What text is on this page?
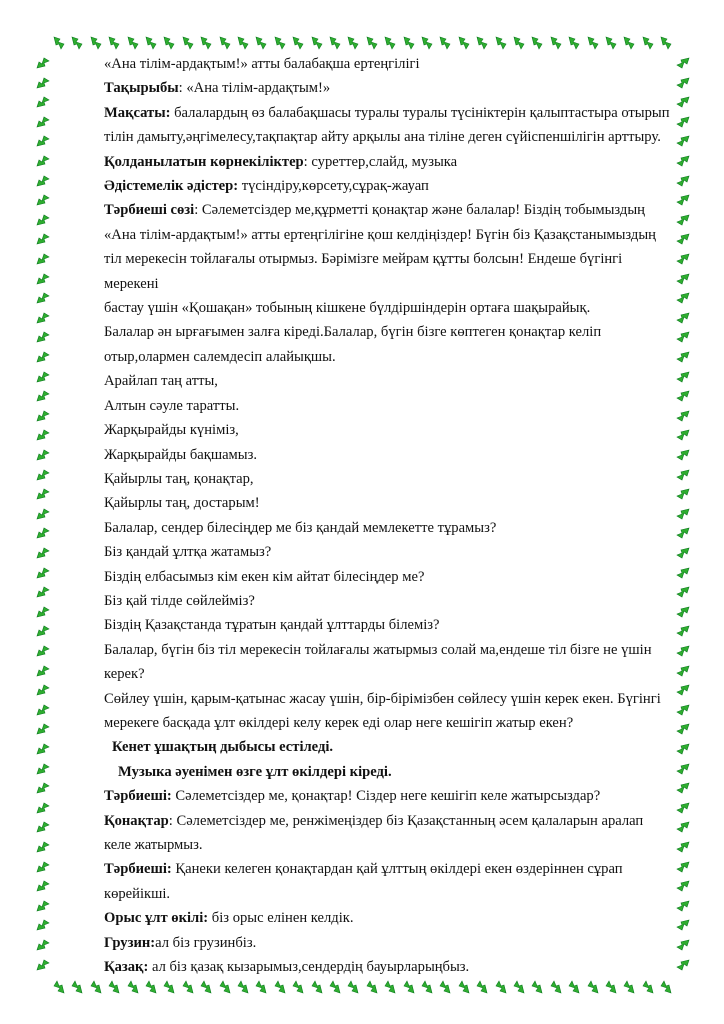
«Ана тілім-ардақтым!» атты балабақша ертеңгілігі
Тақырыбы: «Ана тілім-ардақтым!»
Мақсаты: балалардың өз балабақшасы туралы туралы түсініктерін қалыптастыра отырып
тілін дамыту,әңгімелесу,тақпақтар айту арқылы ана тіліне деген сүйіспеншілігін арттыру.
Қолданылатын көрнекіліктер: суреттер,слайд, музыка
Әдістемелік әдістер: түсіндіру,көрсету,сұрақ-жауап
Тәрбиеші сөзі: Сәлеметсіздер ме,құрметті қонақтар және балалар! Біздің тобымыздың
«Ана тілім-ардақтым!» атты ертеңгілігіне қош келдіңіздер! Бүгін біз Қазақстанымыздың
тіл мерекесін тойлағалы отырмыз. Бәрімізге мейрам құтты болсын! Ендеше бүгінгі
мерекені
бастау үшін «Қошақан» тобының кішкене бүлдіршіндерін ортаға шақырайық.
Балалар ән ырғағымен залға кіреді.Балалар, бүгін бізге көптеген қонақтар келіп
отыр,олармен салемдесіп алайықшы.
Арайлап таң атты,
Алтын сәуле таратты.
Жарқырайды күніміз,
Жарқырайды бақшамыз.
Қайырлы таң, қонақтар,
Қайырлы таң, достарым!
Балалар, сендер білесіңдер ме біз қандай мемлекетте тұрамыз?
Біз қандай ұлтқа жатамыз?
Біздің елбасымыз кім екен кім айтат білесіңдер ме?
Біз қай тілде сөйлейміз?
Біздің Қазақстанда тұратын қандай ұлттарды білеміз?
Балалар, бүгін біз тіл мерекесін тойлағалы жатырмыз солай ма,ендеше тіл бізге не үшін
керек?
Сөйлеу үшін, қарым-қатынас жасау үшін, бір-бірімізбен сөйлесу үшін керек екен. Бүгінгі
мерекеге басқада ұлт өкілдері келу керек еді олар неге кешігіп жатыр екен?
Кенет ұшақтың дыбысы естіледі.
Музыка әуенімен өзге ұлт өкілдері кіреді.
Тәрбиеші: Сәлеметсіздер ме, қонақтар! Сіздер неге кешігіп келе жатырсыздар?
Қонақтар: Сәлеметсіздер ме, ренжімеңіздер біз Қазақстанның әсем қалаларын аралап
келе жатырмыз.
Тәрбиеші: Қанеки келеген қонақтардан қай ұлттың өкілдері екен өздеріннен сұрап
көрейікші.
Орыс ұлт өкілі: біз орыс елінен келдік.
Грузин:ал біз грузинбіз.
Қазақ: ал біз қазақ кызарымыз,сендердің бауырларыңбыз.
